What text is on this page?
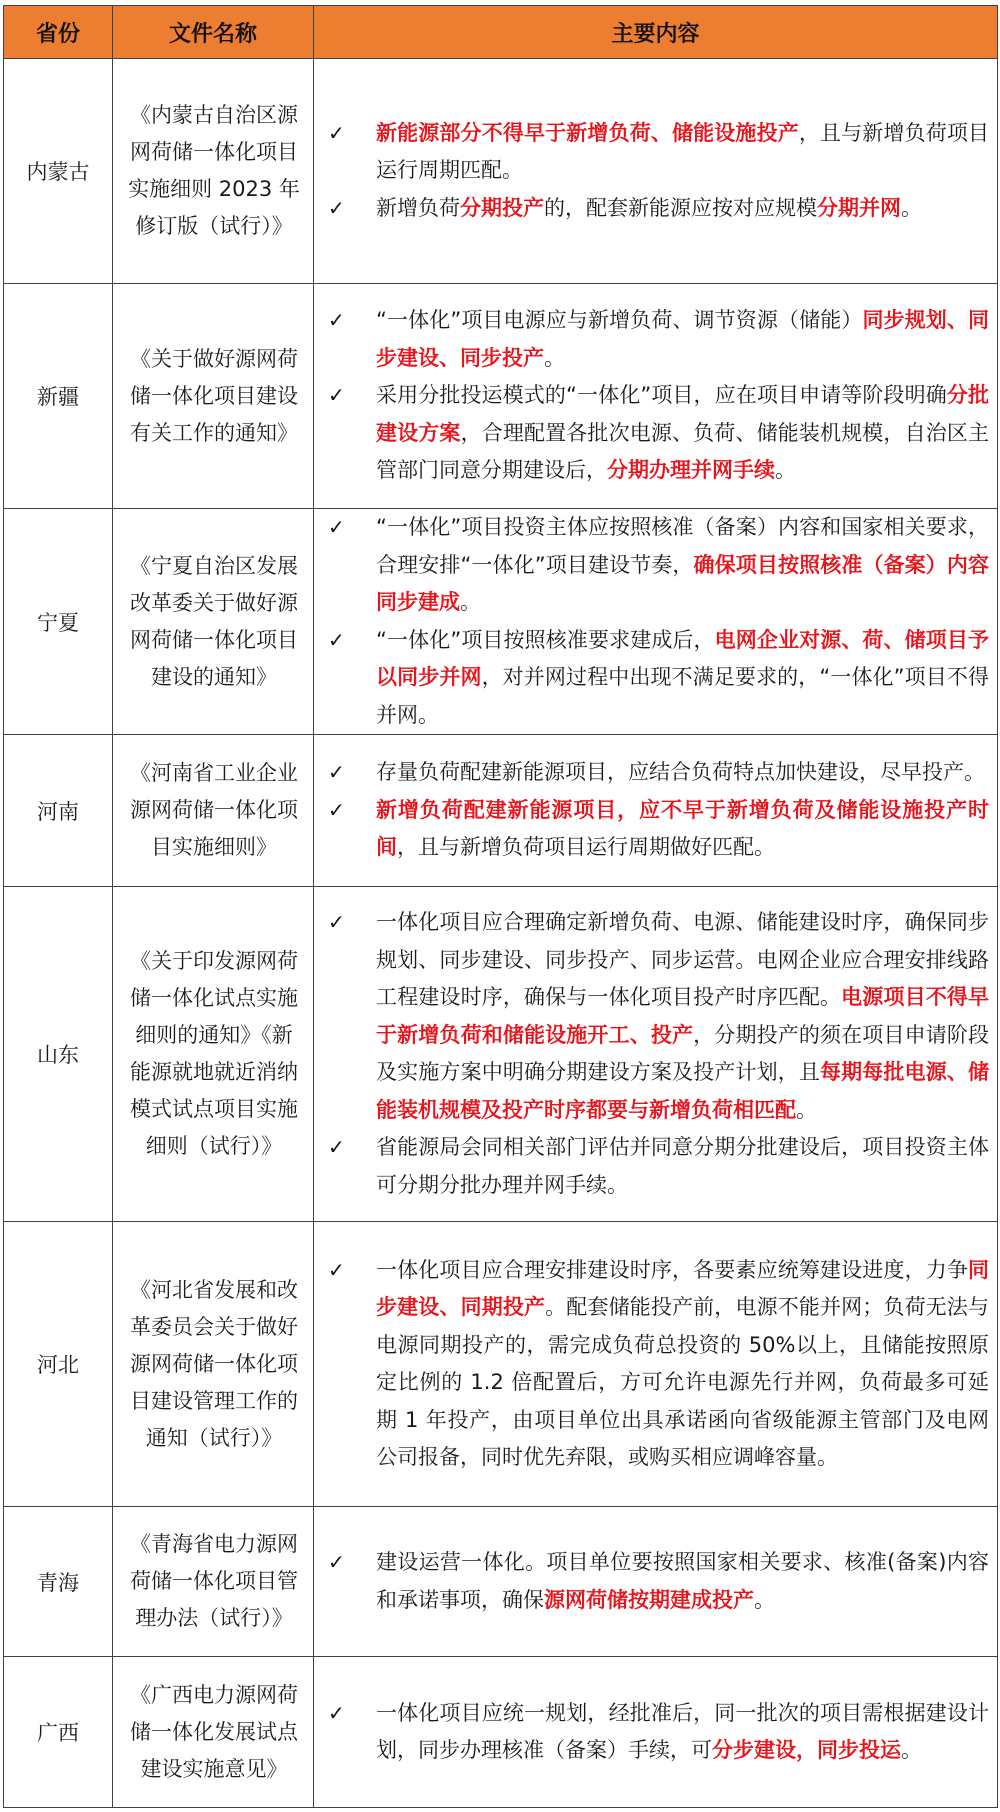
省份	文件名称	主要内容
内蒙古	《内蒙古自治区源网荷储一体化项目实施细则 2023 年修订版（试行）》	
✓ 新能源部分不得早于新增负荷、储能设施投产，且与新增负荷项目运行周期匹配。
✓ 新增负荷分期投产的，配套新能源应按对应规模分期并网。

新疆	《关于做好源网荷储一体化项目建设有关工作的通知》	
✓ “一体化”项目电源应与新增负荷、调节资源（储能）同步规划、同步建设、同步投产。
✓ 采用分批投运模式的“一体化”项目，应在项目申请等阶段明确分批建设方案，合理配置各批次电源、负荷、储能装机规模，自治区主管部门同意分期建设后，分期办理并网手续。

宁夏	《宁夏自治区发展改革委关于做好源网荷储一体化项目建设的通知》	
✓ “一体化”项目投资主体应按照核准（备案）内容和国家相关要求，合理安排“一体化”项目建设节奏，确保项目按照核准（备案）内容同步建成。
✓ “一体化”项目按照核准要求建成后，电网企业对源、荷、储项目予以同步并网，对并网过程中出现不满足要求的，“一体化”项目不得并网。

河南	《河南省工业企业源网荷储一体化项目实施细则》	
✓ 存量负荷配建新能源项目，应结合负荷特点加快建设，尽早投产。
✓ 新增负荷配建新能源项目，应不早于新增负荷及储能设施投产时间，且与新增负荷项目运行周期做好匹配。

山东	《关于印发源网荷储一体化试点实施细则的通知》《新能源就地就近消纳模式试点项目实施细则（试行）》	
✓ 一体化项目应合理确定新增负荷、电源、储能建设时序，确保同步规划、同步建设、同步投产、同步运营。电网企业应合理安排线路工程建设时序，确保与一体化项目投产时序匹配。电源项目不得早于新增负荷和储能设施开工、投产，分期投产的须在项目申请阶段及实施方案中明确分期建设方案及投产计划，且每期每批电源、储能装机规模及投产时序都要与新增负荷相匹配。
✓ 省能源局会同相关部门评估并同意分期分批建设后，项目投资主体可分期分批办理并网手续。

河北	《河北省发展和改革委员会关于做好源网荷储一体化项目建设管理工作的通知（试行）》	
✓ 一体化项目应合理安排建设时序，各要素应统筹建设进度，力争同步建设、同期投产。配套储能投产前，电源不能并网；负荷无法与电源同期投产的，需完成负荷总投资的 50%以上，且储能按照原定比例的 1.2 倍配置后，方可允许电源先行并网，负荷最多可延期 1 年投产，由项目单位出具承诺函向省级能源主管部门及电网公司报备，同时优先弃限，或购买相应调峰容量。

青海	《青海省电力源网荷储一体化项目管理办法（试行）》	
✓ 建设运营一体化。项目单位要按照国家相关要求、核准(备案)内容和承诺事项，确保源网荷储按期建成投产。

广西	《广西电力源网荷储一体化发展试点建设实施意见》	
✓ 一体化项目应统一规划，经批准后，同一批次的项目需根据建设计划，同步办理核准（备案）手续，可分步建设，同步投运。
